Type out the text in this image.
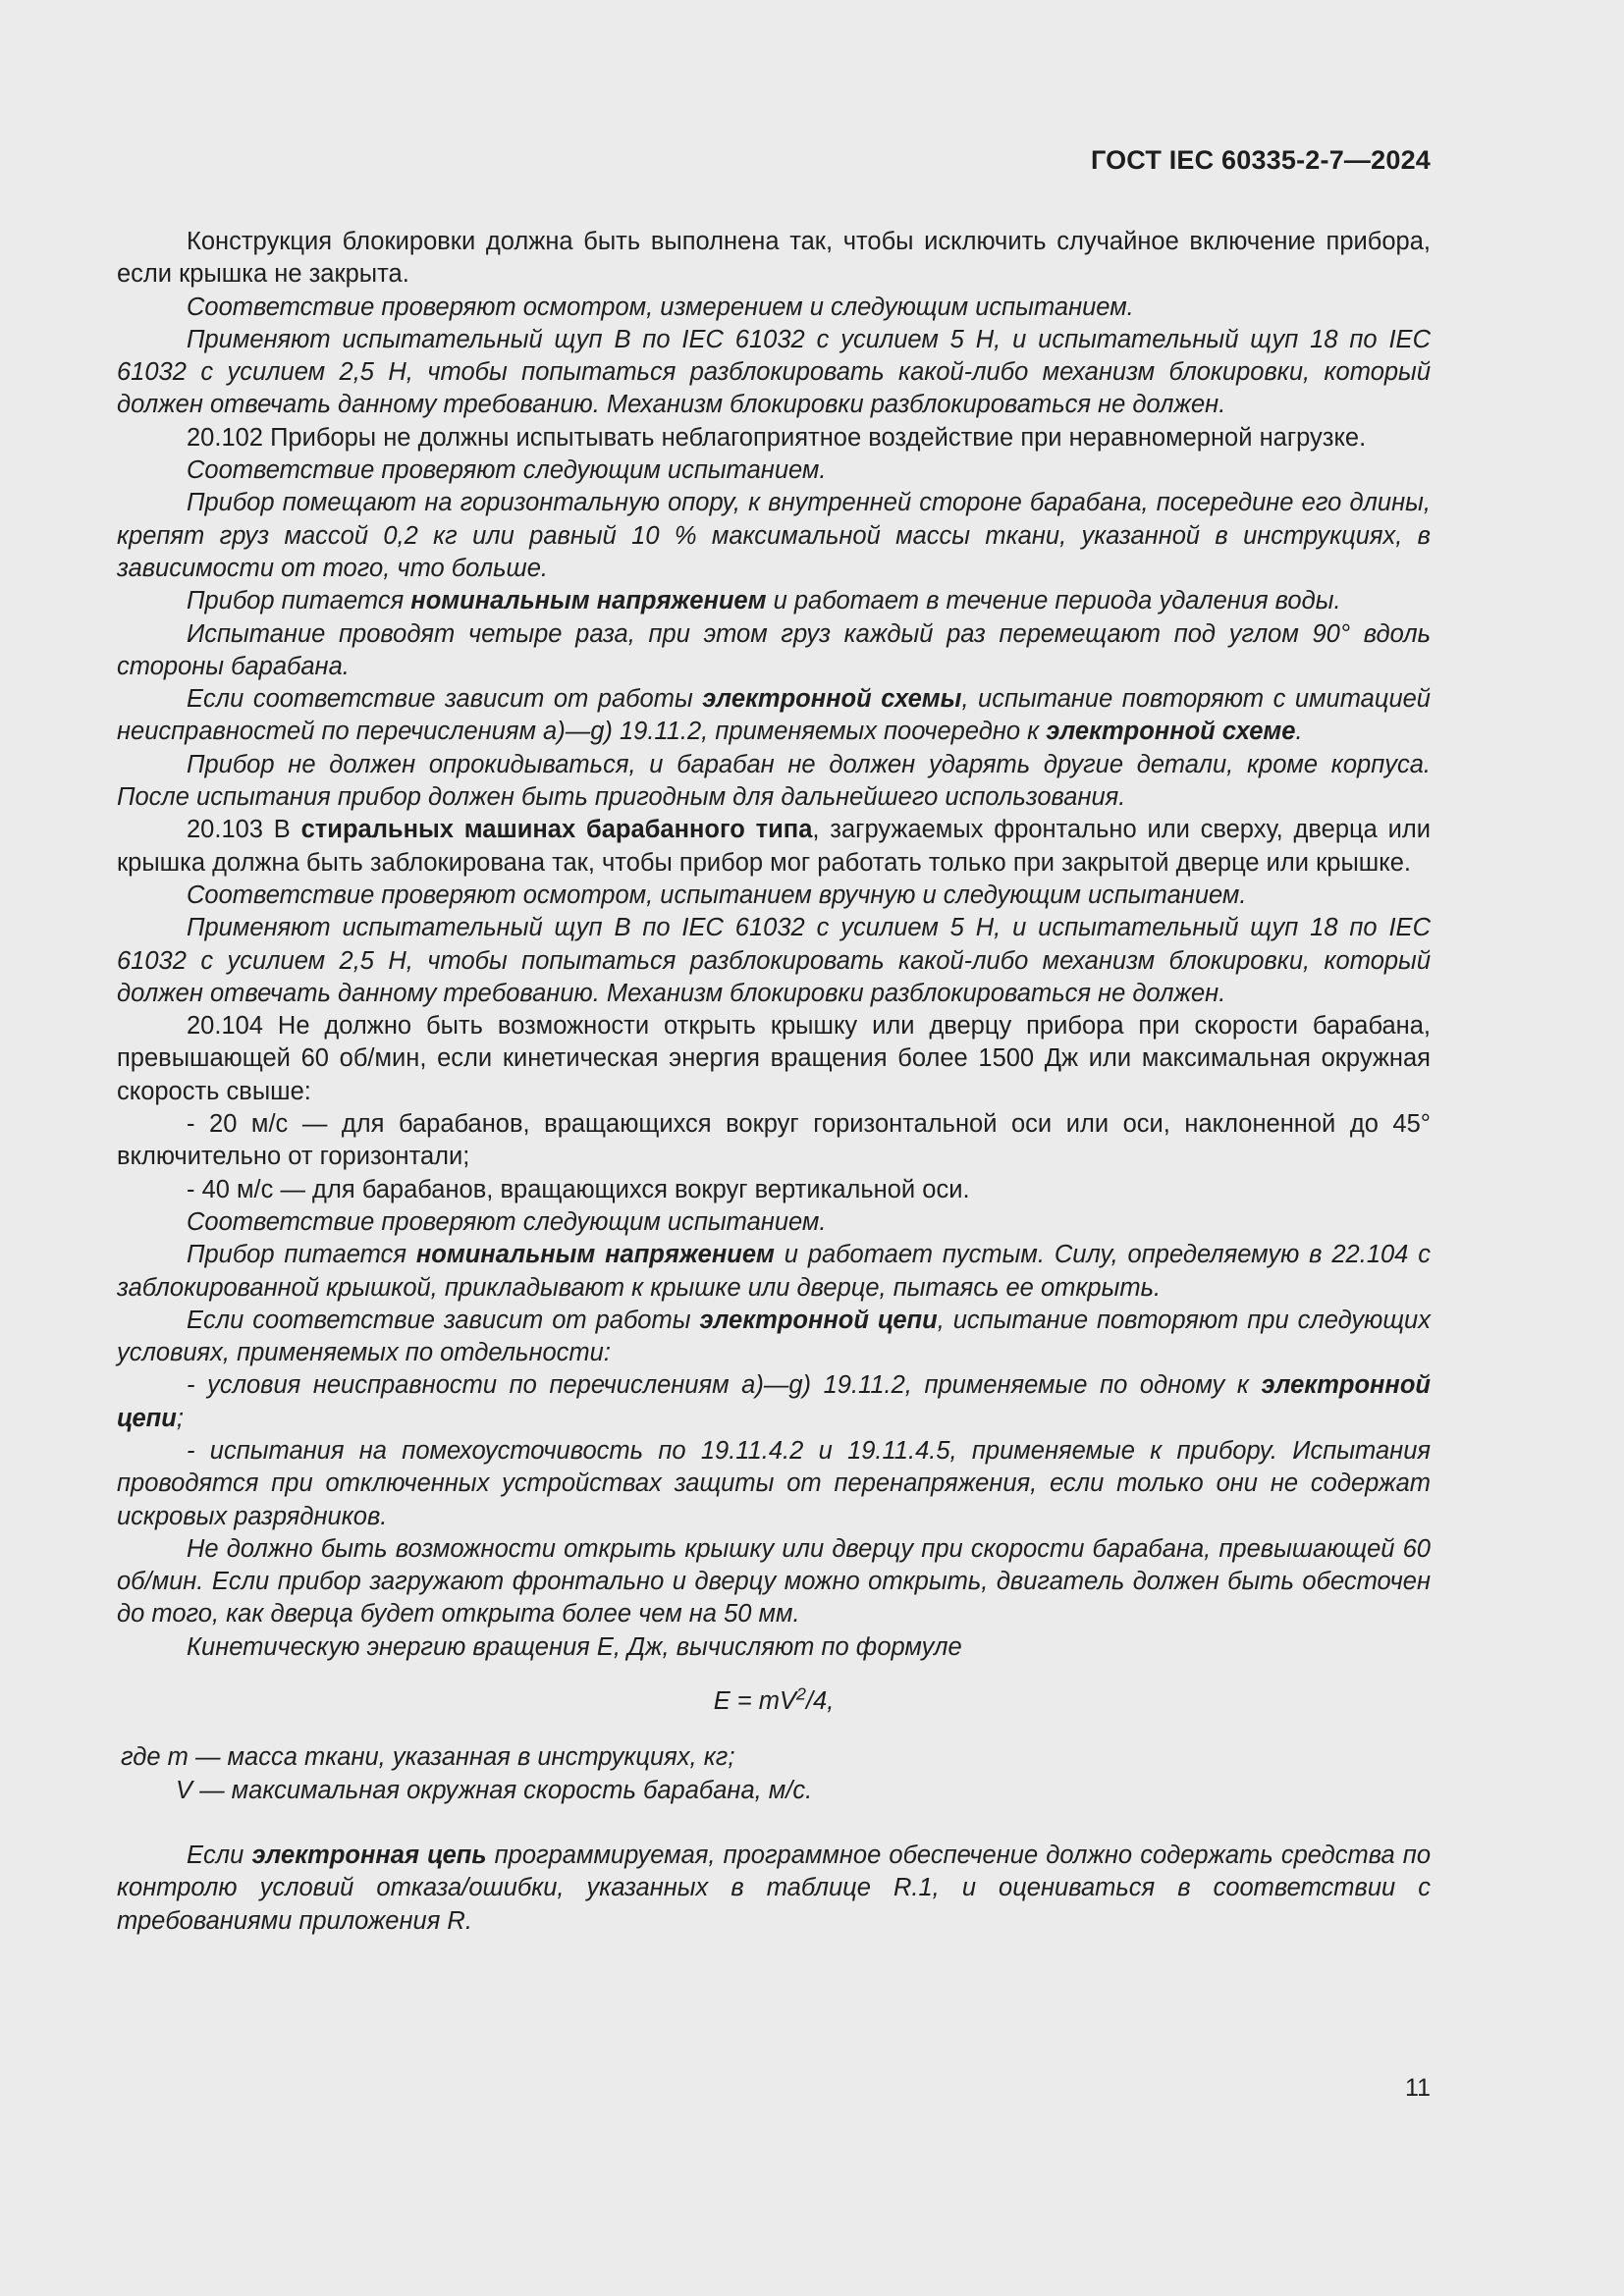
ГОСТ IEC 60335-2-7—2024

Конструкция блокировки должна быть выполнена так, чтобы исключить случайное включение прибора, если крышка не закрыта.

Соответствие проверяют осмотром, измерением и следующим испытанием.

Применяют испытательный щуп B по IEC 61032 с усилием 5 Н, и испытательный щуп 18 по IEC 61032 с усилием 2,5 Н, чтобы попытаться разблокировать какой-либо механизм блокировки, который должен отвечать данному требованию. Механизм блокировки разблокироваться не должен.

20.102 Приборы не должны испытывать неблагоприятное воздействие при неравномерной нагрузке.

Соответствие проверяют следующим испытанием.

Прибор помещают на горизонтальную опору, к внутренней стороне барабана, посередине его длины, крепят груз массой 0,2 кг или равный 10 % максимальной массы ткани, указанной в инструкциях, в зависимости от того, что больше.

Прибор питается номинальным напряжением и работает в течение периода удаления воды.

Испытание проводят четыре раза, при этом груз каждый раз перемещают под углом 90° вдоль стороны барабана.

Если соответствие зависит от работы электронной схемы, испытание повторяют с имитацией неисправностей по перечислениям a)—g) 19.11.2, применяемых поочередно к электронной схеме.

Прибор не должен опрокидываться, и барабан не должен ударять другие детали, кроме корпуса. После испытания прибор должен быть пригодным для дальнейшего использования.

20.103 В стиральных машинах барабанного типа, загружаемых фронтально или сверху, дверца или крышка должна быть заблокирована так, чтобы прибор мог работать только при закрытой дверце или крышке.

Соответствие проверяют осмотром, испытанием вручную и следующим испытанием.

Применяют испытательный щуп B по IEC 61032 с усилием 5 Н, и испытательный щуп 18 по IEC 61032 с усилием 2,5 Н, чтобы попытаться разблокировать какой-либо механизм блокировки, который должен отвечать данному требованию. Механизм блокировки разблокироваться не должен.

20.104 Не должно быть возможности открыть крышку или дверцу прибора при скорости барабана, превышающей 60 об/мин, если кинетическая энергия вращения более 1500 Дж или максимальная окружная скорость свыше:

- 20 м/с — для барабанов, вращающихся вокруг горизонтальной оси или оси, наклоненной до 45° включительно от горизонтали;

- 40 м/с — для барабанов, вращающихся вокруг вертикальной оси.

Соответствие проверяют следующим испытанием.

Прибор питается номинальным напряжением и работает пустым. Силу, определяемую в 22.104 с заблокированной крышкой, прикладывают к крышке или дверце, пытаясь ее открыть.

Если соответствие зависит от работы электронной цепи, испытание повторяют при следующих условиях, применяемых по отдельности:

- условия неисправности по перечислениям a)—g) 19.11.2, применяемые по одному к электронной цепи;

- испытания на помехоусточивость по 19.11.4.2 и 19.11.4.5, применяемые к прибору. Испытания проводятся при отключенных устройствах защиты от перенапряжения, если только они не содержат искровых разрядников.

Не должно быть возможности открыть крышку или дверцу при скорости барабана, превышающей 60 об/мин. Если прибор загружают фронтально и дверцу можно открыть, двигатель должен быть обесточен до того, как дверца будет открыта более чем на 50 мм.

Кинетическую энергию вращения E, Дж, вычисляют по формуле

$E = mV^2/4$,

где m — масса ткани, указанная в инструкциях, кг;

V — максимальная окружная скорость барабана, м/с.

Если электронная цепь программируемая, программное обеспечение должно содержать средства по контролю условий отказа/ошибки, указанных в таблице R.1, и оцениваться в соответствии с требованиями приложения R.

11
